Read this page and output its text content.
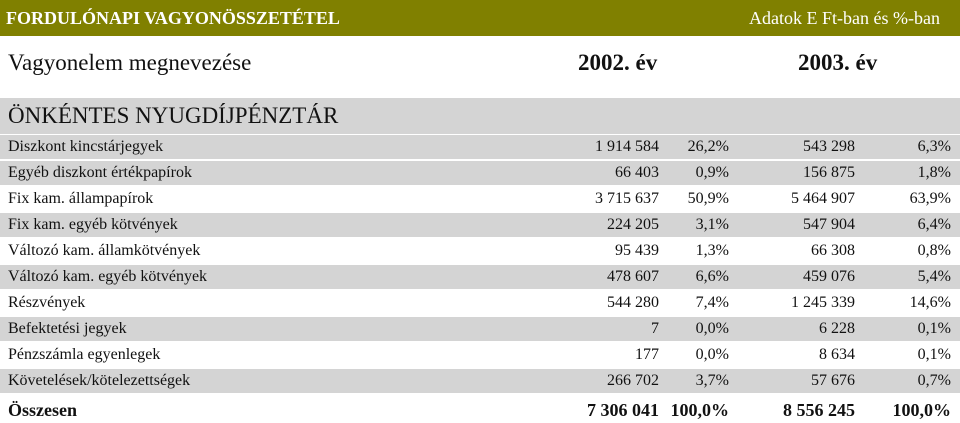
FORDULÓNAPI VAGYONÖSSZETÉTEL	Adatok E Ft-ban és %-ban
Vagyonelem megnevezése	2002. év	2003. év
ÖNKÉNTES NYUGDÍJPÉNZTÁR
Diszkont kincstárjegyek	1 914 584 26,2%	543 298	6,3%
Egyéb diszkont értékpapírok	66 403 0,9%	156 875	1,8%
Fix kam. állampapírok	3 715 637 50,9%	5 464 907	63,9%
Fix kam. egyéb kötvények	224 205 3,1%	547 904	6,4%
Változó kam. államkötvények	95 439 1,3%	66 308	0,8%
Változó kam. egyéb kötvények	478 607 6,6%	459 076	5,4%
Részvények	544 280 7,4%	1 245 339	14,6%
Befektetési jegyek	7 0,0%	6 228	0,1%
Pénzszámla egyenlegek	177 0,0%	8 634	0,1%
Követelések/kötelezettségek	266 702 3,7%	57 676	0,7%
Összesen	7 306 041 100,0%	8 556 245 100,0%
